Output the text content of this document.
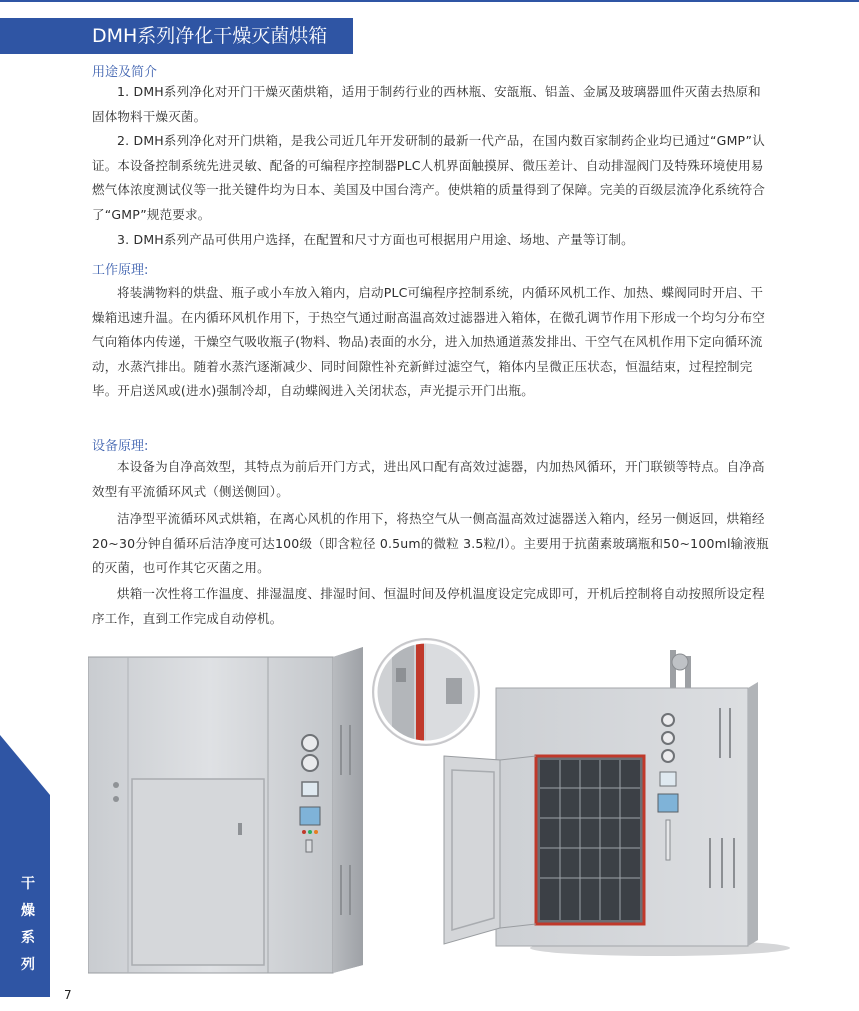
DMH系列净化干燥灭菌烘箱
用途及简介
1. DMH系列净化对开门干燥灭菌烘箱，适用于制药行业的西林瓶、安瓿瓶、铝盖、金属及玻璃器皿件灭菌去热原和固体物料干燥灭菌。
2. DMH系列净化对开门烘箱，是我公司近几年开发研制的最新一代产品，在国内数百家制药企业均已通过“GMP”认证。本设备控制系统先进灵敏、配备的可编程序控制器PLC人机界面触摸屏、微压差计、自动排湿阀门及特殊环境使用易燃气体浓度测试仪等一批关键件均为日本、美国及中国台湾产。使烘箱的质量得到了保障。完美的百级层流净化系统符合了“GMP”规范要求。
3. DMH系列产品可供用户选择，在配置和尺寸方面也可根据用户用途、场地、产量等订制。
工作原理:
将装满物料的烘盘、瓶子或小车放入箱内，启动PLC可编程序控制系统，内循环风机工作、加热、蝶阀同时开启、干燥箱迅速升温。在内循环风机作用下，于热空气通过耐高温高效过滤器进入箱体，在微孔调节作用下形成一个均匀分布空气向箱体内传递，干燥空气吸收瓶子(物料、物品)表面的水分，进入加热通道蒸发排出、干空气在风机作用下定向循环流动，水蒸汽排出。随着水蒸汽逐渐减少、同时间隙性补充新鲜过滤空气，箱体内呈微正压状态，恒温结束，过程控制完毕。开启送风或(进水)强制冷却，自动蝶阀进入关闭状态，声光提示开门出瓶。
设备原理:
本设备为自净高效型，其特点为前后开门方式，进出风口配有高效过滤器，内加热风循环，开门联锁等特点。自净高效型有平流循环风式（侧送侧回）。
洁净型平流循环风式烘箱，在离心风机的作用下，将热空气从一侧高温高效过滤器送入箱内，经另一侧返回，烘箱经20~30分钟自循环后洁净度可达100级（即含粒径 0.5um的微粒 3.5粒/l）。主要用于抗菌素玻璃瓶和50~100ml输液瓶的灭菌，也可作其它灭菌之用。
烘箱一次性将工作温度、排湿温度、排湿时间、恒温时间及停机温度设定完成即可，开机后控制将自动按照所设定程序工作，直到工作完成自动停机。
干
燥
系
列
7
